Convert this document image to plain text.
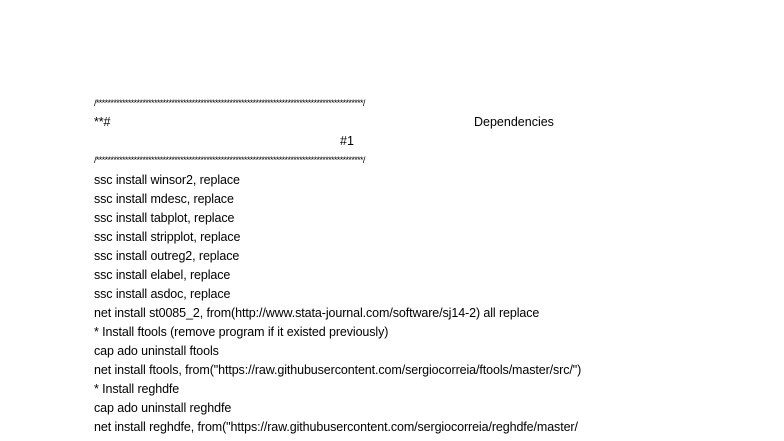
/********************************************************************************************/
**#	Dependencies
#1
/********************************************************************************************/
ssc install winsor2, replace
ssc install mdesc, replace
ssc install tabplot, replace
ssc install stripplot, replace
ssc install outreg2, replace
ssc install elabel, replace
ssc install asdoc, replace
net install st0085_2, from(http://www.stata-journal.com/software/sj14-2) all replace
* Install ftools (remove program if it existed previously)
cap ado uninstall ftools
net install ftools, from("https://raw.githubusercontent.com/sergiocorreia/ftools/master/src/")
* Install reghdfe
cap ado uninstall reghdfe
net install reghdfe, from("https://raw.githubusercontent.com/sergiocorreia/reghdfe/master/
